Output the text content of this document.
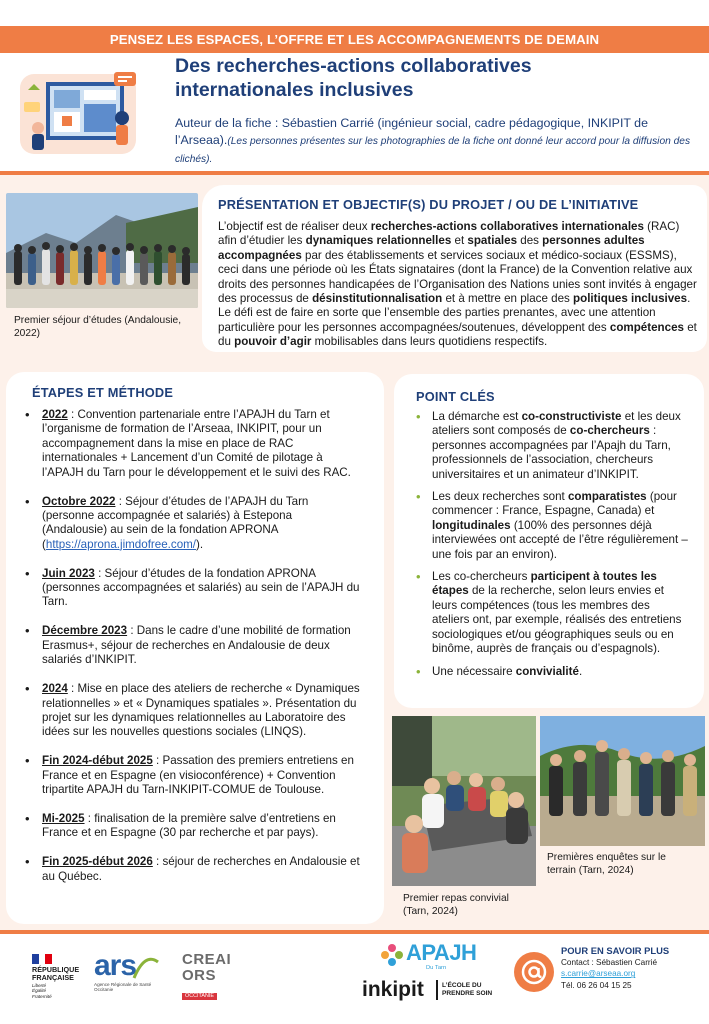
PENSEZ LES ESPACES, L’OFFRE ET LES ACCOMPAGNEMENTS DE DEMAIN
Des recherches-actions collaboratives
internationales inclusives
Auteur de la fiche : Sébastien Carrié (ingénieur social, cadre pédagogique, INKIPIT de l’Arseaa).(Les personnes présentes sur les photographies de la fiche ont donné leur accord pour la diffusion des clichés).
Premier séjour d’études (Andalousie, 2022)
PRÉSENTATION ET OBJECTIF(S) DU PROJET / OU DE L’INITIATIVE

L’objectif est de réaliser deux recherches-actions collaboratives internationales (RAC) afin d’étudier les dynamiques relationnelles et spatiales des personnes adultes accompagnées par des établissements et services sociaux et médico-sociaux (ESSMS), ceci dans une période où les États signataires (dont la France) de la Convention relative aux droits des personnes handicapées de l’Organisation des Nations unies sont invités à engager des processus de désinstitutionnalisation et à mettre en place des politiques inclusives. Le défi est de faire en sorte que l’ensemble des parties prenantes, avec une attention particulière pour les personnes accompagnées/soutenues, développent des compétences et du pouvoir d’agir mobilisables dans leurs quotidiens respectifs.

ÉTAPES ET MÉTHODE
• 2022 : Convention partenariale entre l’APAJH du Tarn et l’organisme de formation de l’Arseaa, INKIPIT, pour un accompagnement dans la mise en place de RAC internationales + Lancement d’un Comité de pilotage à l’APAJH du Tarn pour le développement et le suivi des RAC.
• Octobre 2022 : Séjour d’études de l’APAJH du Tarn (personne accompagnée et salariés) à Estepona (Andalousie) au sein de la fondation APRONA (https://aprona.jimdofree.com/).
• Juin 2023 : Séjour d’études de la fondation APRONA (personnes accompagnées et salariés) au sein de l’APAJH du Tarn.
• Décembre 2023 : Dans le cadre d’une mobilité de formation Erasmus+, séjour de recherches en Andalousie de deux salariés d’INKIPIT.
• 2024 : Mise en place des ateliers de recherche « Dynamiques relationnelles » et « Dynamiques spatiales ». Présentation du projet sur les dynamiques relationnelles au Laboratoire des idées sur les nouvelles questions sociales (LINQS).
• Fin 2024-début 2025 : Passation des premiers entretiens en France et en Espagne (en visioconférence) + Convention tripartite APAJH du Tarn-INKIPIT-COMUE de Toulouse.
• Mi-2025 : finalisation de la première salve d’entretiens en France et en Espagne (30 par recherche et par pays).
• Fin 2025-début 2026 : séjour de recherches en Andalousie et au Québec.
POINT CLÉS
• La démarche est co-constructiviste et les deux ateliers sont composés de co-chercheurs : personnes accompagnées par l’Apajh du Tarn, professionnels de l’association, chercheurs universitaires et un animateur d’INKIPIT.
• Les deux recherches sont comparatistes (pour commencer : France, Espagne, Canada) et longitudinales (100% des personnes déjà interviewées ont accepté de l’être régulièrement – une fois par an environ).
• Les co-chercheurs participent à toutes les étapes de la recherche, selon leurs envies et leurs compétences (tous les membres des ateliers ont, par exemple, réalisés des entretiens sociologiques et/ou géographiques seuls ou en binôme, auprès de français ou d’espagnols).
• Une nécessaire convivialité.
Premier repas convivial (Tarn, 2024)
Premières enquêtes sur le terrain (Tarn, 2024)
RÉPUBLIQUE
FRANÇAISE
Liberté Égalité Fraternité
ars
Agence Régionale de Santé Occitanie
CREAI
ORS
OCCITANIE
APAJH
Du Tarn
inkipit	L’ÉCOLE DU PRENDRE SOIN
POUR EN SAVOIR PLUS
Contact : Sébastien Carrié
s.carrie@arseaa.org
Tél. 06 26 04 15 25
